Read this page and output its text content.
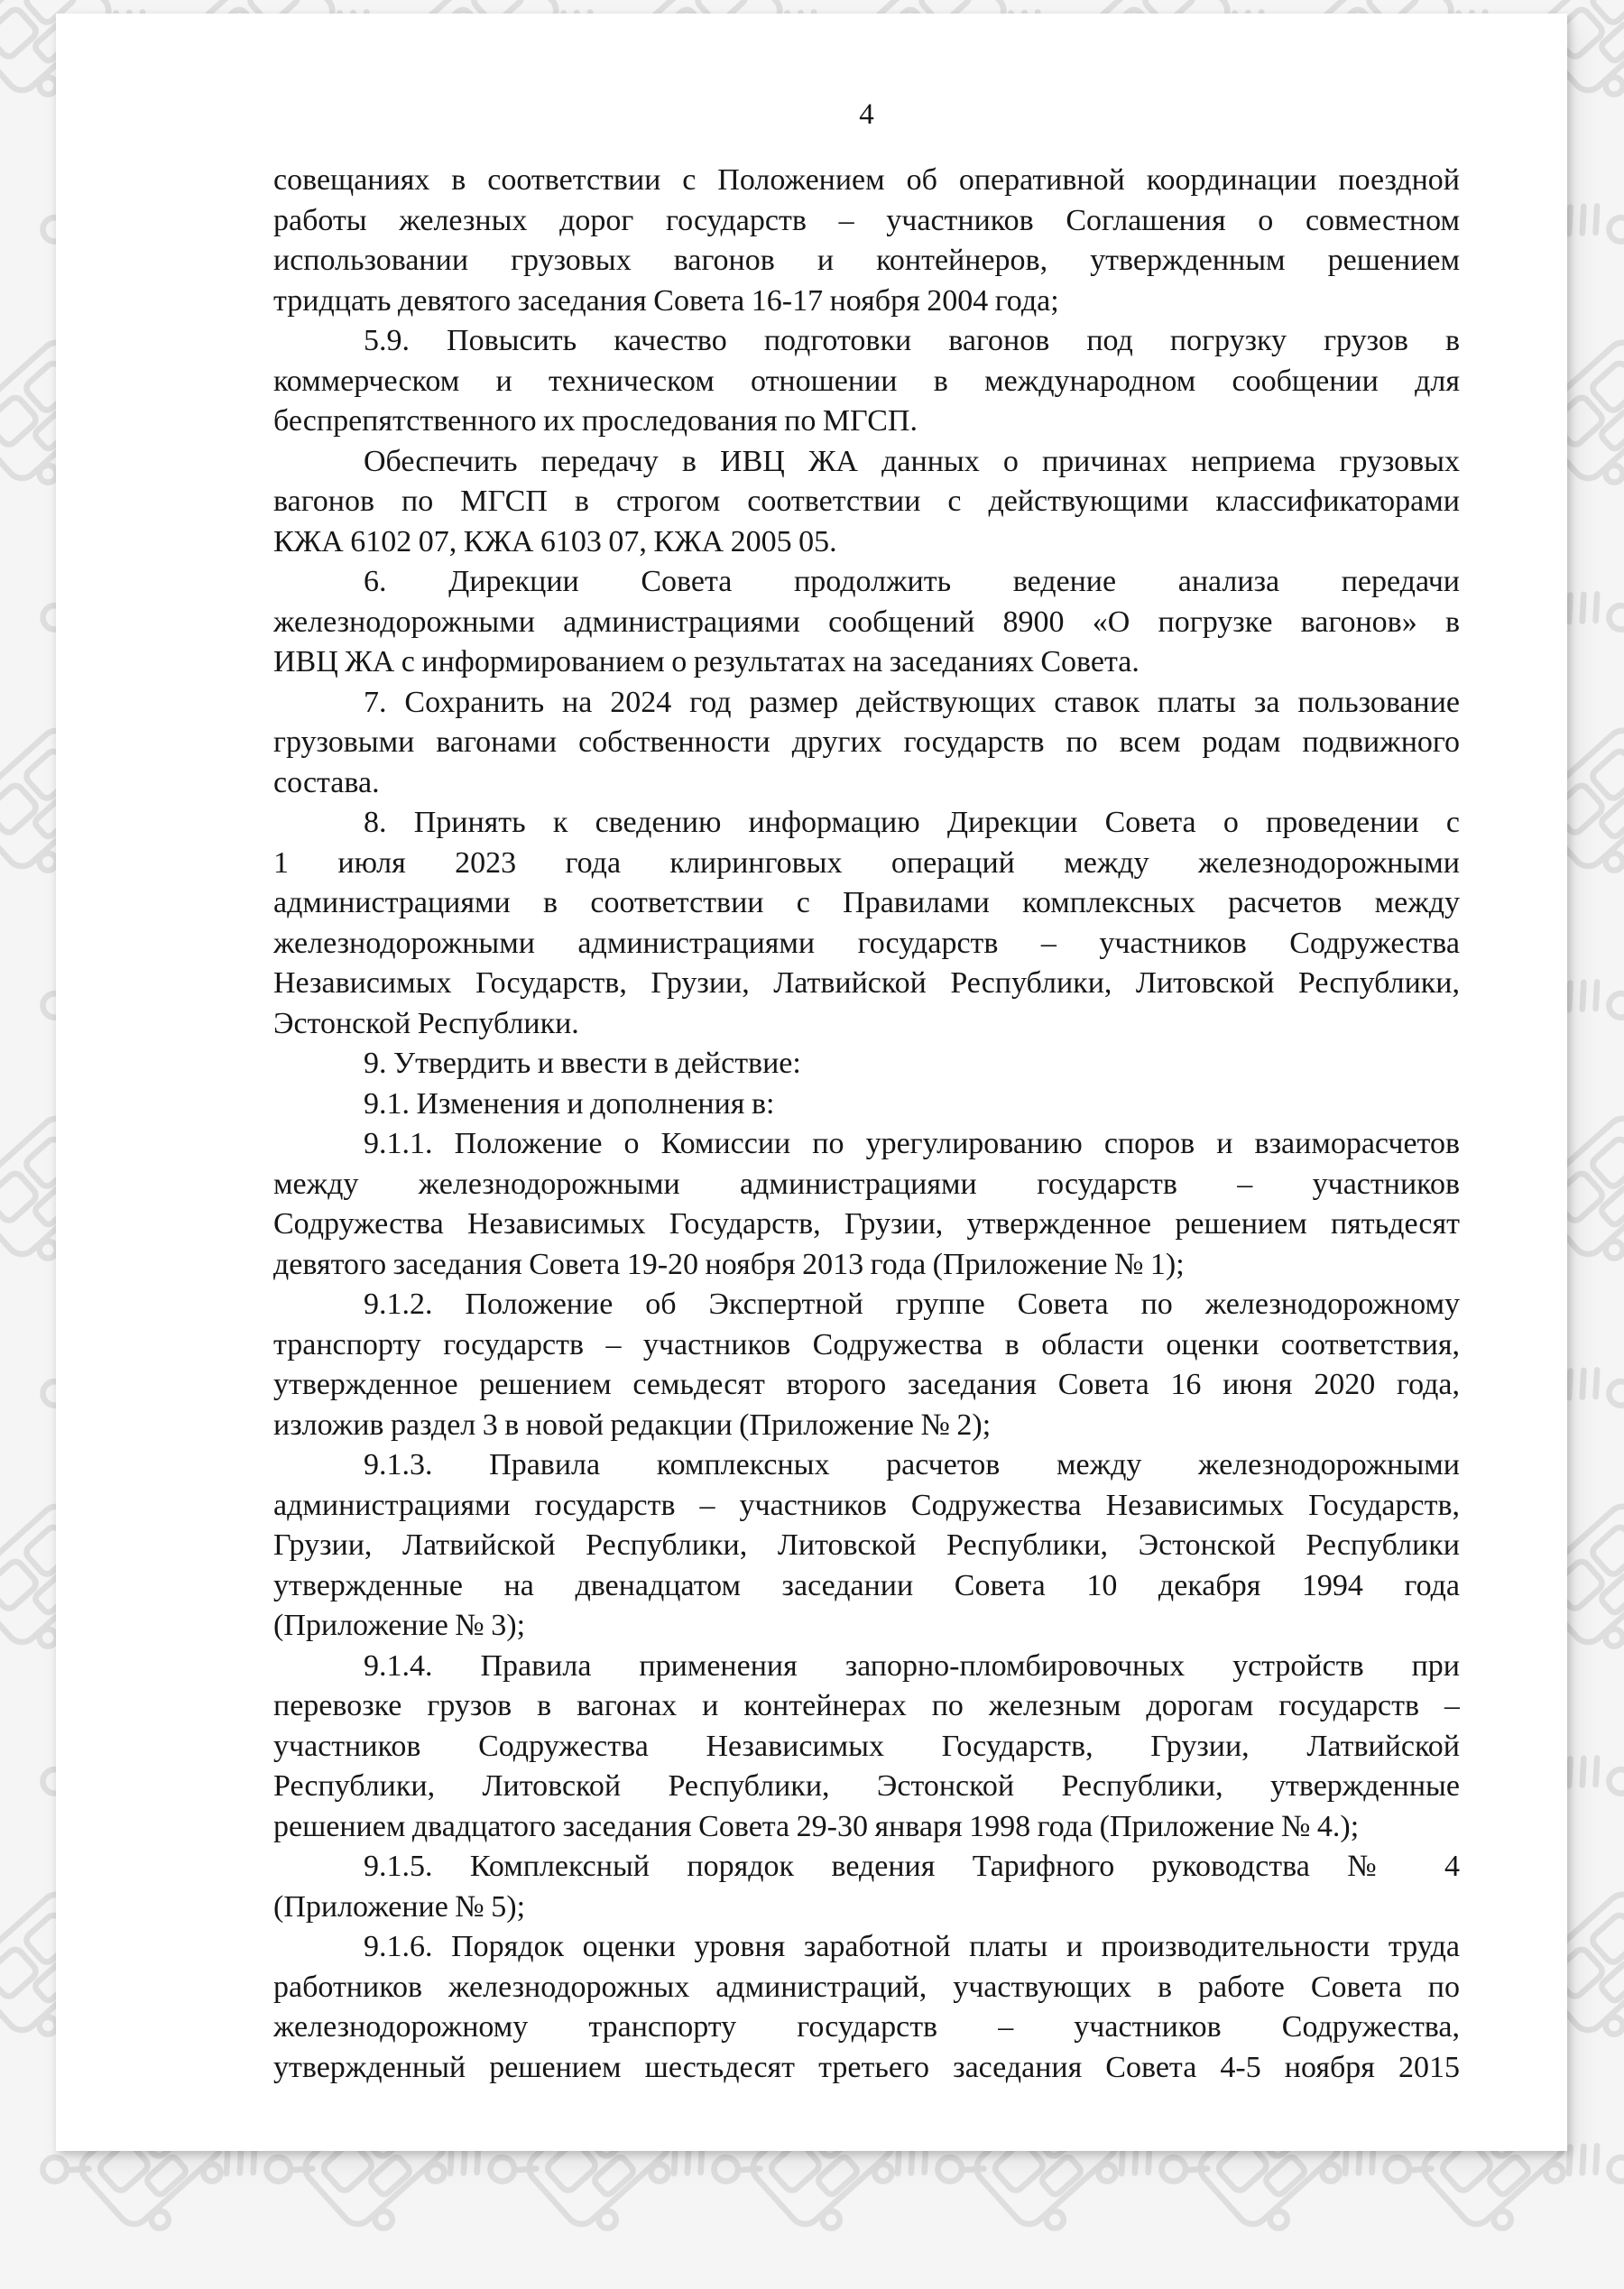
4
совещаниях в соответствии с Положением об оперативной координации поездной
работы железных дорог государств – участников Соглашения о совместном
использовании грузовых вагонов и контейнеров, утвержденным решением
тридцать девятого заседания Совета 16-17 ноября 2004 года;
5.9. Повысить качество подготовки вагонов под погрузку грузов в
коммерческом и техническом отношении в международном сообщении для
беспрепятственного их проследования по МГСП.
Обеспечить передачу в ИВЦ ЖА данных о причинах неприема грузовых
вагонов по МГСП в строгом соответствии с действующими классификаторами
КЖА 6102 07, КЖА 6103 07, КЖА 2005 05.
6. Дирекции Совета продолжить ведение анализа передачи
железнодорожными администрациями сообщений 8900 «О погрузке вагонов» в
ИВЦ ЖА с информированием о результатах на заседаниях Совета.
7. Сохранить на 2024 год размер действующих ставок платы за пользование
грузовыми вагонами собственности других государств по всем родам подвижного
состава.
8. Принять к сведению информацию Дирекции Совета о проведении с
1 июля 2023 года клиринговых операций между железнодорожными
администрациями в соответствии с Правилами комплексных расчетов между
железнодорожными администрациями государств – участников Содружества
Независимых Государств, Грузии, Латвийской Республики, Литовской Республики,
Эстонской Республики.
9. Утвердить и ввести в действие:
9.1. Изменения и дополнения в:
9.1.1. Положение о Комиссии по урегулированию споров и взаиморасчетов
между железнодорожными администрациями государств – участников
Содружества Независимых Государств, Грузии, утвержденное решением пятьдесят
девятого заседания Совета 19-20 ноября 2013 года (Приложение № 1);
9.1.2. Положение об Экспертной группе Совета по железнодорожному
транспорту государств – участников Содружества в области оценки соответствия,
утвержденное решением семьдесят второго заседания Совета 16 июня 2020 года,
изложив раздел 3 в новой редакции (Приложение № 2);
9.1.3. Правила комплексных расчетов между железнодорожными
администрациями государств – участников Содружества Независимых Государств,
Грузии, Латвийской Республики, Литовской Республики, Эстонской Республики
утвержденные на двенадцатом заседании Совета 10 декабря 1994 года
(Приложение № 3);
9.1.4. Правила применения запорно-пломбировочных устройств при
перевозке грузов в вагонах и контейнерах по железным дорогам государств –
участников Содружества Независимых Государств, Грузии, Латвийской
Республики, Литовской Республики, Эстонской Республики, утвержденные
решением двадцатого заседания Совета 29-30 января 1998 года (Приложение № 4.);
9.1.5. Комплексный порядок ведения Тарифного руководства № 4
(Приложение № 5);
9.1.6. Порядок оценки уровня заработной платы и производительности труда
работников железнодорожных администраций, участвующих в работе Совета по
железнодорожному транспорту государств – участников Содружества,
утвержденный решением шестьдесят третьего заседания Совета 4-5 ноября 2015
